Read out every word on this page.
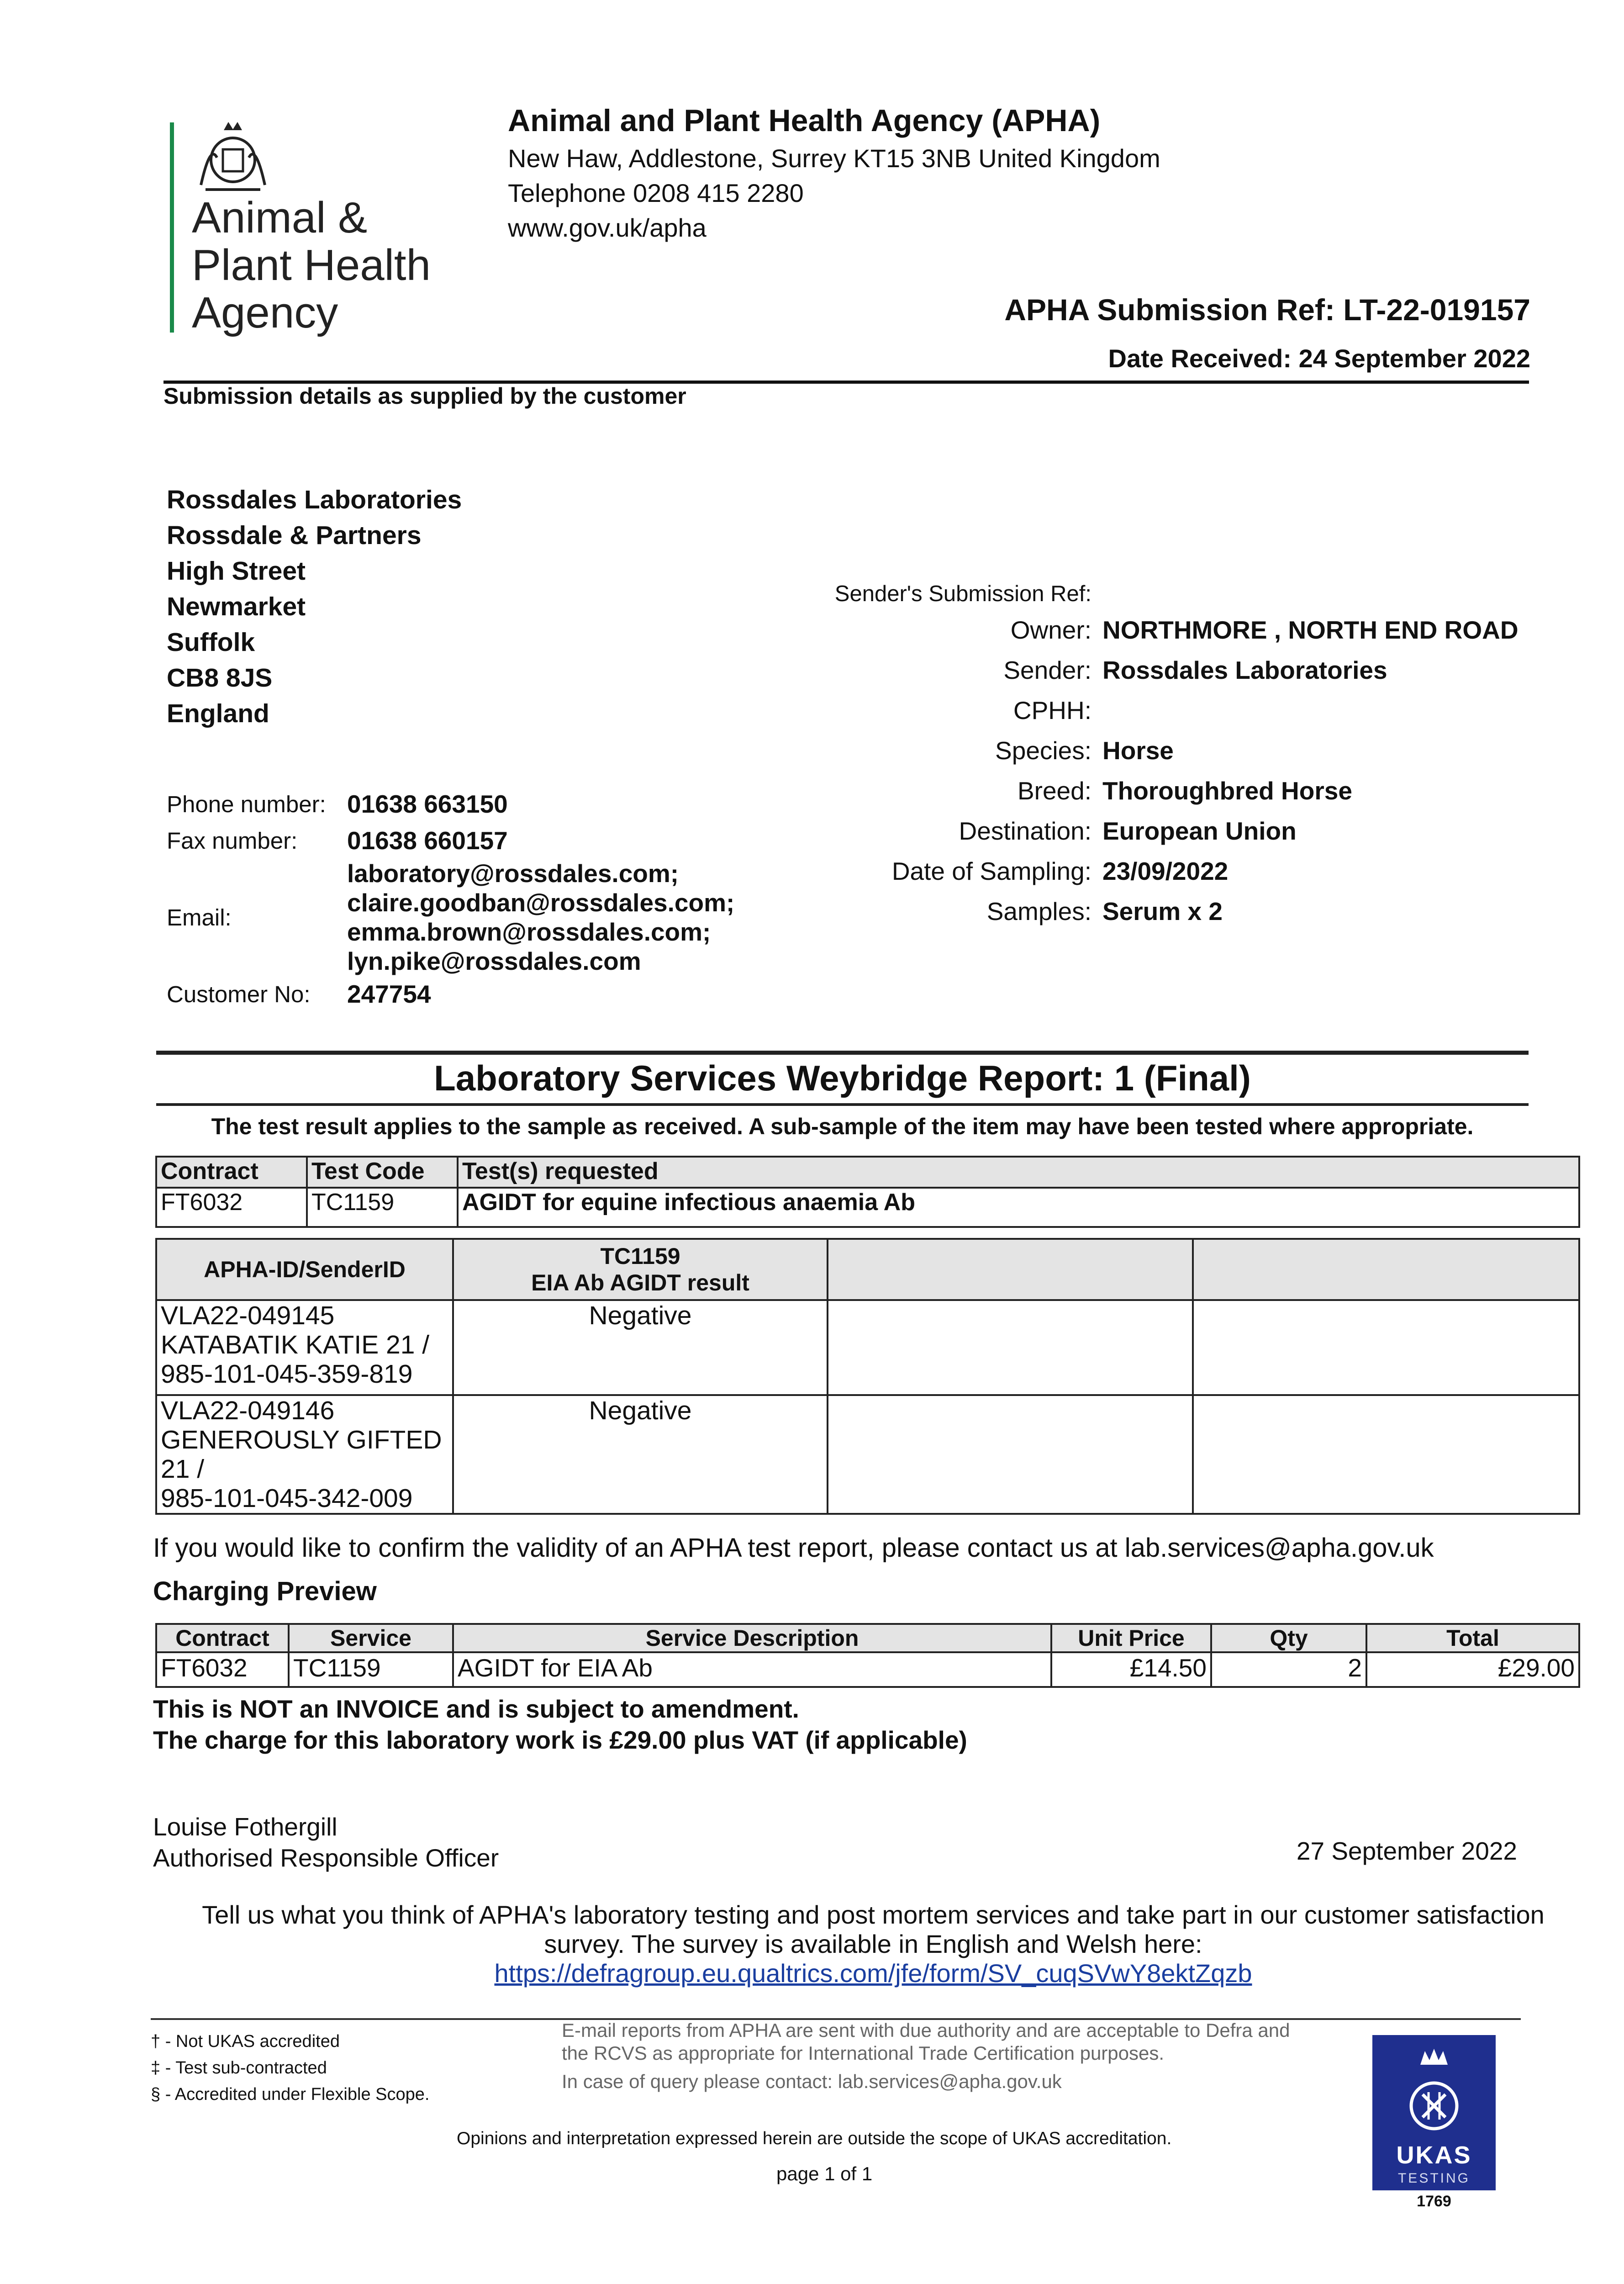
Animal &
Plant Health
Agency
Animal and Plant Health Agency (APHA)
New Haw, Addlestone, Surrey KT15 3NB United Kingdom
Telephone 0208 415 2280
www.gov.uk/apha
APHA Submission Ref: LT-22-019157
Date Received: 24 September 2022
Submission details as supplied by the customer
Rossdales Laboratories
Rossdale & Partners
High Street
Newmarket
Suffolk
CB8 8JS
England
Phone number: 01638 663150
Fax number:	01638 660157
Email:
laboratory@rossdales.com;
claire.goodban@rossdales.com;
emma.brown@rossdales.com;
lyn.pike@rossdales.com
Customer No:	247754
Sender's Submission Ref:
Owner: NORTHMORE , NORTH END ROAD
Sender: Rossdales Laboratories
CPHH:
Species: Horse
Breed: Thoroughbred Horse
Destination: European Union
Date of Sampling: 23/09/2022
Samples: Serum x 2
Laboratory Services Weybridge Report: 1 (Final)
The test result applies to the sample as received. A sub-sample of the item may have been tested where appropriate.
Contract	Test Code	Test(s) requested
FT6032	TC1159	AGIDT for equine infectious anaemia Ab
APHA-ID/SenderID	TC1159
EIA Ab AGIDT result		

VLA22-049145
KATABATIK KATIE 21 /
985-101-045-359-819	Negative		

VLA22-049146
GENEROUSLY GIFTED
21 /
985-101-045-342-009	Negative		
If you would like to confirm the validity of an APHA test report, please contact us at lab.services@apha.gov.uk
Charging Preview
Contract	Service	Service Description	Unit Price	Qty	Total
FT6032	TC1159	AGIDT for EIA Ab	£14.50	2	£29.00
This is NOT an INVOICE and is subject to amendment.
The charge for this laboratory work is £29.00 plus VAT (if applicable)
Louise Fothergill
Authorised Responsible Officer	27 September 2022
Tell us what you think of APHA's laboratory testing and post mortem services and take part in our customer satisfaction
survey. The survey is available in English and Welsh here:
https://defragroup.eu.qualtrics.com/jfe/form/SV_cuqSVwY8ektZqzb
† - Not UKAS accredited
‡ - Test sub-contracted
§ - Accredited under Flexible Scope.
E-mail reports from APHA are sent with due authority and are acceptable to Defra and the RCVS as appropriate for International Trade Certification purposes.
In case of query please contact: lab.services@apha.gov.uk
Opinions and interpretation expressed herein are outside the scope of UKAS accreditation.
page 1 of 1
UKAS
TESTING
1769
